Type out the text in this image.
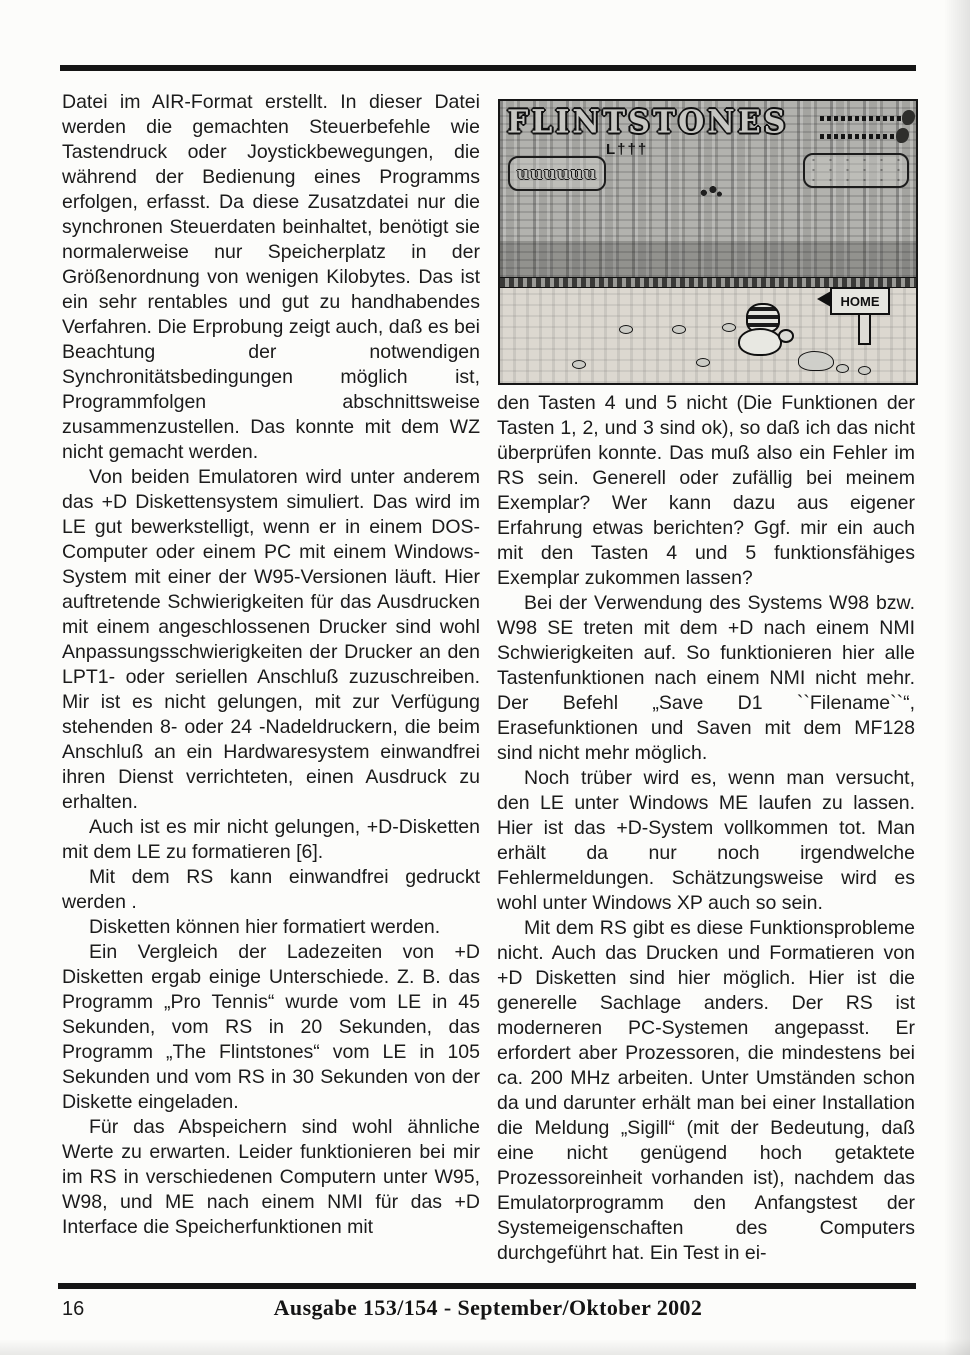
Datei im AIR-Format erstellt. In dieser Datei werden die gemachten Steuerbefehle wie Tastendruck oder Joystickbewegungen, die während der Bedienung eines Programms erfolgen, erfasst. Da diese Zusatzdatei nur die synchronen Steuerdaten beinhaltet, benötigt sie normalerweise nur Speicherplatz in der Größenordnung von wenigen Kilobytes. Das ist ein sehr rentables und gut zu handhabendes Verfahren. Die Erprobung zeigt auch, daß es bei Beachtung der notwendigen Synchronitätsbedingungen möglich ist, Programmfolgen abschnittsweise zusammenzustellen. Das konnte mit dem WZ nicht gemacht werden.

Von beiden Emulatoren wird unter anderem das +D Diskettensystem simuliert. Das wird im LE gut bewerkstelligt, wenn er in einem DOS-Computer oder einem PC mit einem Windows-System mit einer der W95-Versionen läuft. Hier auftretende Schwierigkeiten für das Ausdrucken mit einem angeschlossenen Drucker sind wohl Anpassungsschwierigkeiten der Drucker an den LPT1- oder seriellen Anschluß zuzuschreiben. Mir ist es nicht gelungen, mit zur Verfügung stehenden 8- oder 24 -Nadeldruckern, die beim Anschluß an ein Hardwaresystem einwandfrei ihren Dienst verrichteten, einen Ausdruck zu erhalten.

Auch ist es mir nicht gelungen, +D-Disketten mit dem LE zu formatieren [6].

Mit dem RS kann einwandfrei gedruckt werden .

Disketten können hier formatiert werden.

Ein Vergleich der Ladezeiten von +D Disketten ergab einige Unterschiede. Z. B. das Programm „Pro Tennis“ wurde vom LE in 45 Sekunden, vom RS in 20 Sekunden, das Programm „The Flintstones“ vom LE in 105 Sekunden und vom RS in 30 Sekunden von der Diskette eingeladen.

Für das Abspeichern sind wohl ähnliche Werte zu erwarten. Leider funktionieren bei mir im RS in verschiedenen Computern unter W95, W98, und ME nach einem NMI für das +D Interface die Speicherfunktionen mit

FLINTSTONES
L†††
uuuuuu
HOME

den Tasten 4 und 5 nicht (Die Funktionen der Tasten 1, 2, und 3 sind ok), so daß ich das nicht überprüfen konnte. Das muß also ein Fehler im RS sein. Generell oder zufällig bei meinem Exemplar? Wer kann dazu aus eigener Erfahrung etwas berichten? Ggf. mir ein auch mit den Tasten 4 und 5 funktionsfähiges Exemplar zukommen lassen?

Bei der Verwendung des Systems W98 bzw. W98 SE treten mit dem +D nach einem NMI Schwierigkeiten auf. So funktionieren hier alle Tastenfunktionen nach einem NMI nicht mehr. Der Befehl „Save D1 ``Filename``“, Erasefunktionen und Saven mit dem MF128 sind nicht mehr möglich.

Noch trüber wird es, wenn man versucht, den LE unter Windows ME laufen zu lassen. Hier ist das +D-System vollkommen tot. Man erhält da nur noch irgendwelche Fehlermeldungen. Schätzungsweise wird es wohl unter Windows XP auch so sein.

Mit dem RS gibt es diese Funktionsprobleme nicht. Auch das Drucken und Formatieren von +D Disketten sind hier möglich. Hier ist die generelle Sachlage anders. Der RS ist moderneren PC-Systemen angepasst. Er erfordert aber Prozessoren, die mindestens bei ca. 200 MHz arbeiten. Unter Umständen schon da und darunter erhält man bei einer Installation die Meldung „Sigill“ (mit der Bedeutung, daß eine nicht genügend hoch getaktete Prozessoreinheit vorhanden ist), nachdem das Emulatorprogramm den Anfangstest der Systemeigenschaften des Computers durchgeführt hat. Ein Test in ei-

16	Ausgabe 153/154 - September/Oktober 2002
